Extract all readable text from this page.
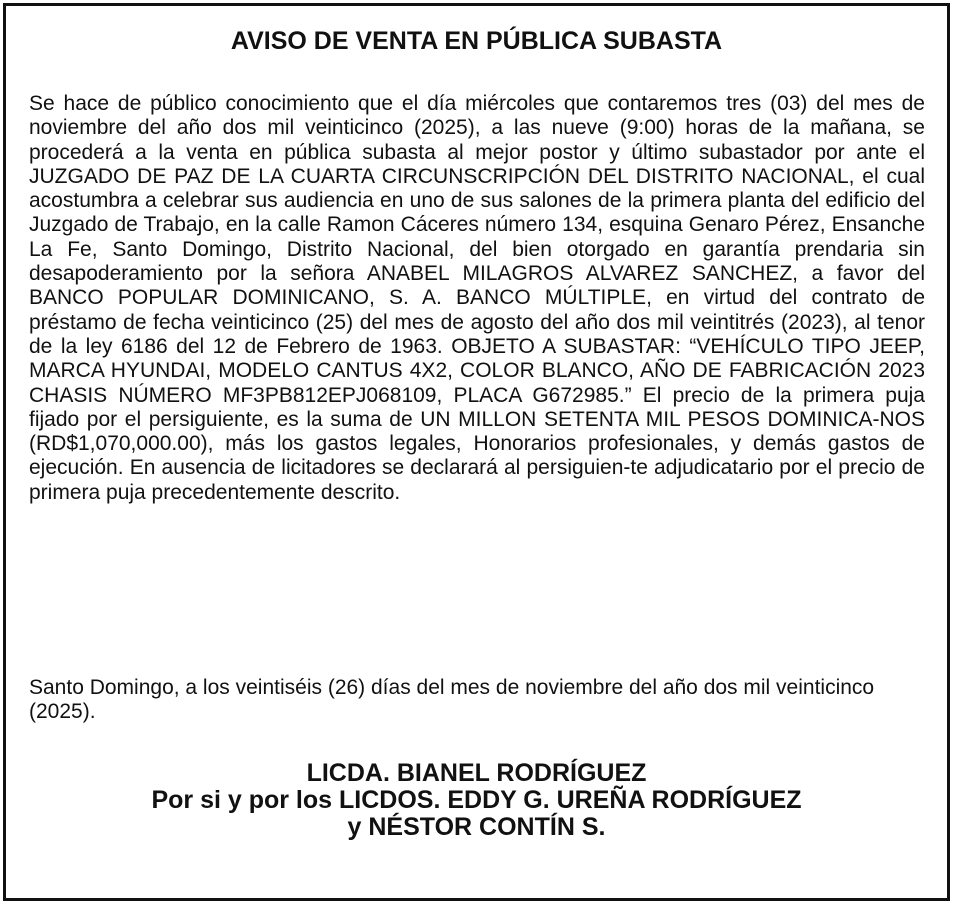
AVISO DE VENTA EN PÚBLICA SUBASTA

Se hace de público conocimiento que el día miércoles que contaremos tres (03) del mes de noviembre del año dos mil veinticinco (2025), a las nueve (9:00) horas de la mañana, se procederá a la venta en pública subasta al mejor postor y último subastador por ante el JUZGADO DE PAZ DE LA CUARTA CIRCUNSCRIPCIÓN DEL DISTRITO NACIONAL, el cual acostumbra a celebrar sus audiencia en uno de sus salones de la primera planta del edificio del Juzgado de Trabajo, en la calle Ramon Cáceres número 134, esquina Genaro Pérez, Ensanche La Fe, Santo Domingo, Distrito Nacional, del bien otorgado en garantía prendaria sin desapoderamiento por la señora ANABEL MILAGROS ALVAREZ SANCHEZ, a favor del BANCO POPULAR DOMINICANO, S. A. BANCO MÚLTIPLE, en virtud del contrato de préstamo de fecha veinticinco (25) del mes de agosto del año dos mil veintitrés (2023), al tenor de la ley 6186 del 12 de Febrero de 1963. OBJETO A SUBASTAR: “VEHÍCULO TIPO JEEP, MARCA HYUNDAI, MODELO CANTUS 4X2, COLOR BLANCO, AÑO DE FABRICACIÓN 2023 CHASIS NÚMERO MF3PB812EPJ068109, PLACA G672985.” El precio de la primera puja fijado por el persiguiente, es la suma de UN MILLON SETENTA MIL PESOS DOMINICA-NOS (RD$1,070,000.00), más los gastos legales, Honorarios profesionales, y demás gastos de ejecución. En ausencia de licitadores se declarará al persiguien-te adjudicatario por el precio de primera puja precedentemente descrito.

Santo Domingo, a los veintiséis (26) días del mes de noviembre del año dos mil veinticinco (2025).

LICDA. BIANEL RODRÍGUEZ
Por si y por los LICDOS. EDDY G. UREÑA RODRÍGUEZ
y NÉSTOR CONTÍN S.
